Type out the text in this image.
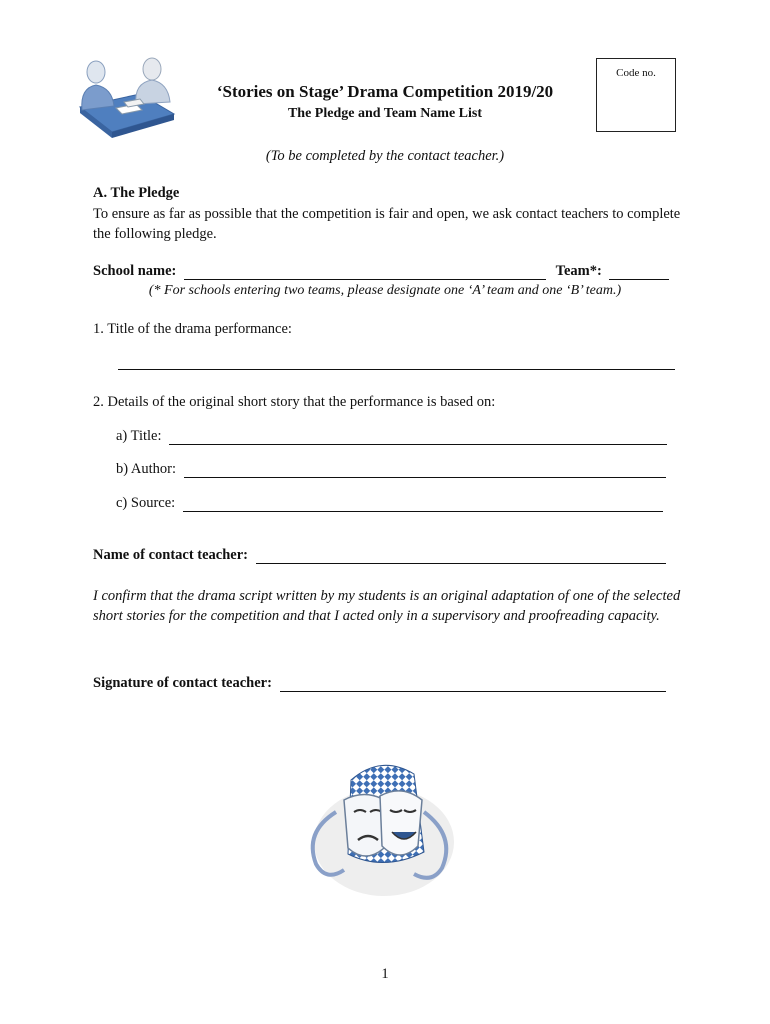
Code no.
‘Stories on Stage’ Drama Competition 2019/20
The Pledge and Team Name List
(To be completed by the contact teacher.)
A. The Pledge
To ensure as far as possible that the competition is fair and open, we ask contact teachers to complete the following pledge.
School name:	Team*:
(* For schools entering two teams, please designate one ‘A’ team and one ‘B’ team.)
1. Title of the drama performance:
2. Details of the original short story that the performance is based on:
a) Title:
b) Author:
c) Source:
Name of contact teacher:
I confirm that the drama script written by my students is an original adaptation of one of the selected short stories for the competition and that I acted only in a supervisory and proofreading capacity.
Signature of contact teacher:
1
